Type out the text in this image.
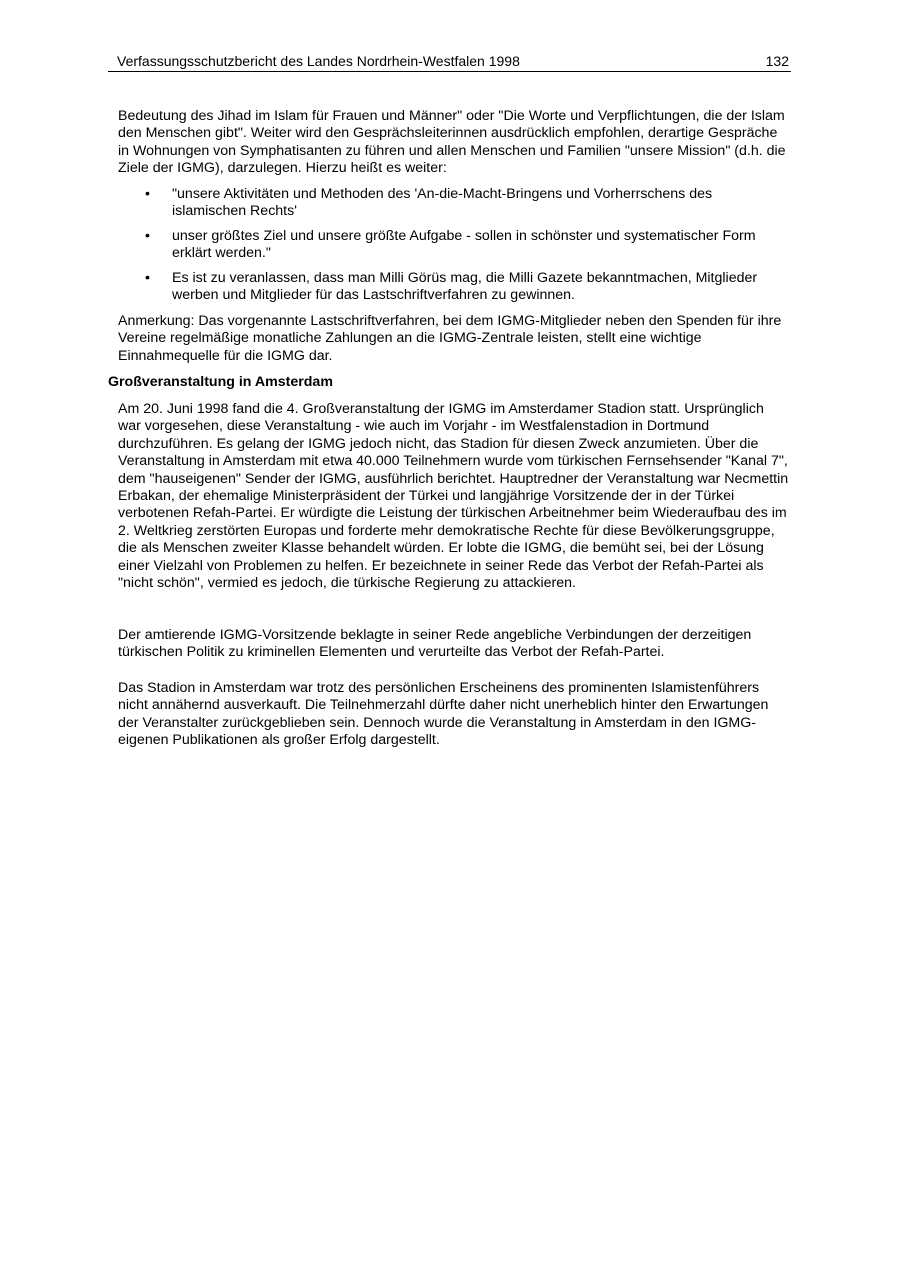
Verfassungsschutzbericht des Landes Nordrhein-Westfalen 1998	132

Bedeutung des Jihad im Islam für Frauen und Männer" oder "Die Worte und Verpflichtungen, die der Islam den Menschen gibt". Weiter wird den Gesprächsleiterinnen ausdrücklich empfohlen, derartige Gespräche in Wohnungen von Symphatisanten zu führen und allen Menschen und Familien "unsere Mission" (d.h. die Ziele der IGMG), darzulegen. Hierzu heißt es weiter:

• "unsere Aktivitäten und Methoden des 'An-die-Macht-Bringens und Vorherrschens des islamischen Rechts'
• unser größtes Ziel und unsere größte Aufgabe - sollen in schönster und systematischer Form erklärt werden."
• Es ist zu veranlassen, dass man Milli Görüs mag, die Milli Gazete bekanntmachen, Mitglieder werben und Mitglieder für das Lastschriftverfahren zu gewinnen.

Anmerkung: Das vorgenannte Lastschriftverfahren, bei dem IGMG-Mitglieder neben den Spenden für ihre Vereine regelmäßige monatliche Zahlungen an die IGMG-Zentrale leisten, stellt eine wichtige Einnahmequelle für die IGMG dar.

Großveranstaltung in Amsterdam

Am 20. Juni 1998 fand die 4. Großveranstaltung der IGMG im Amsterdamer Stadion statt. Ursprünglich war vorgesehen, diese Veranstaltung - wie auch im Vorjahr - im Westfalenstadion in Dortmund durchzuführen. Es gelang der IGMG jedoch nicht, das Stadion für diesen Zweck anzumieten. Über die Veranstaltung in Amsterdam mit etwa 40.000 Teilnehmern wurde vom türkischen Fernsehsender "Kanal 7", dem "hauseigenen" Sender der IGMG, ausführlich berichtet. Hauptredner der Veranstaltung war Necmettin Erbakan, der ehemalige Ministerpräsident der Türkei und langjährige Vorsitzende der in der Türkei verbotenen Refah-Partei. Er würdigte die Leistung der türkischen Arbeitnehmer beim Wiederaufbau des im 2. Weltkrieg zerstörten Europas und forderte mehr demokratische Rechte für diese Bevölkerungsgruppe, die als Menschen zweiter Klasse behandelt würden. Er lobte die IGMG, die bemüht sei, bei der Lösung einer Vielzahl von Problemen zu helfen. Er bezeichnete in seiner Rede das Verbot der Refah-Partei als "nicht schön", vermied es jedoch, die türkische Regierung zu attackieren.

Der amtierende IGMG-Vorsitzende beklagte in seiner Rede angebliche Verbindungen der derzeitigen türkischen Politik zu kriminellen Elementen und verurteilte das Verbot der Refah-Partei.

Das Stadion in Amsterdam war trotz des persönlichen Erscheinens des prominenten Islamistenführers nicht annähernd ausverkauft. Die Teilnehmerzahl dürfte daher nicht unerheblich hinter den Erwartungen der Veranstalter zurückgeblieben sein. Dennoch wurde die Veranstaltung in Amsterdam in den IGMG-eigenen Publikationen als großer Erfolg dargestellt.
